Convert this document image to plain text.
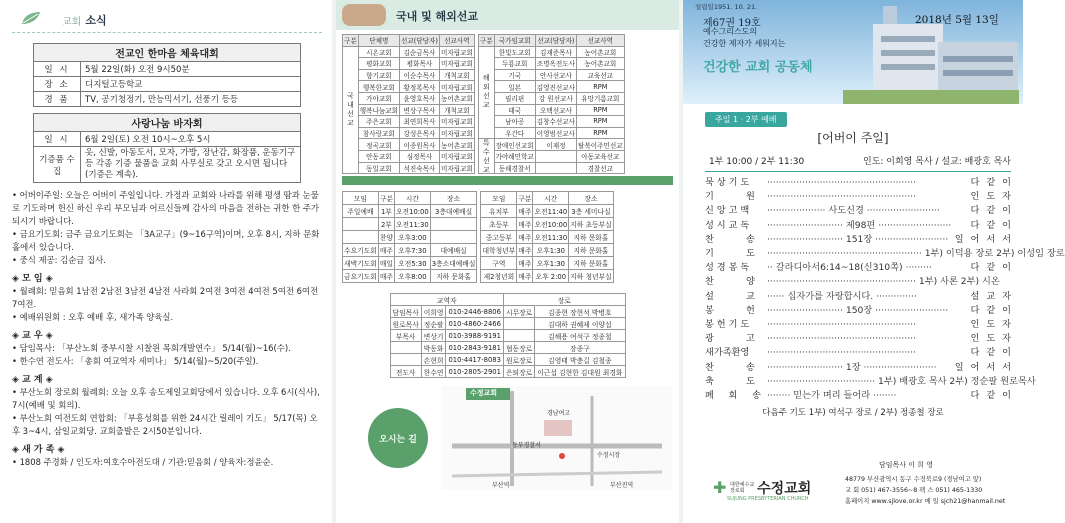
교회 소식
전교인 한마음 체육대회	
일 시	5월 22일(화) 오전 9시50분
장 소	디지털고등학교
경 품	TV, 공기청정기, 만능믹서기, 선풍기 등등
사랑나눔 바자회	
일 시	6월 2일(토) 오전 10시~오후 5시
기증품 수 집	옷, 신발, 아동도서, 모자, 가방, 장난감, 화장품, 운동기구 등 각종 기증 물품을 교회 사무실로 갖고 오시면 됩니다(기증은 계속).

• 어버이주일: 오늘은 어버이 주일입니다. 가정과 교회와 나라를 위해 평생 땀과 눈물로 기도하며 헌신 하신 우리 부모님과 어르신들께 감사의 마음을 전하는 귀한 한 주가 되시기 바랍니다.

• 금요기도회: 금주 금요기도회는 「3A교구」(9~16구역)이며, 오후 8시, 지하 문화홀에서 있습니다.

• 중식 제공: 김순금 집사.

◈ 모 임 ◈

• 월례회: 믿음회 1남전 2남전 3남전 4남전 사라회 2여전 3여전 4여전 5여전 6여전 7여전.

• 예배위원회 : 오후 예배 후, 새가족 양육실.

◈ 교 우 ◈

• 담임목사: 「부산노회 중부시찰 시찰원 목회개발연수」 5/14(월)~16(수).

• 한수연 전도사: 「총회 여교역자 세미나」 5/14(월)~5/20(주일).

◈ 교 계 ◈

• 부산노회 장로회 월례회: 오늘 오후 송도제일교회당에서 있습니다. 오후 6시(식사), 7시(예배 및 회의).

• 부산노회 여전도회 연합회: 「부흥성회를 위한 24시간 릴레이 기도」 5/17(목) 오후 3~4시, 삼일교회당. 교회출발은 2시50분입니다.

◈ 새 가 족 ◈

• 1808 주경화 / 인도자:여호수아전도대 / 기관:믿음회 / 양육자:정윤순.

국내 및 해외선교
구분	단체명	선교(담당자)	선교사역
국내선교	시온교회	김순금목사	미자립교회
	평화교회	평화목사	미자립교회
	향기교회	이순수목사	개척교회
	행복한교회	황정록목사	미자립교회
	가야교회	윤영호목사	농어촌교회
	행복나눔교회	변상구목사	개척교회
	주은교회	최연희목사	미자립교회
	참사랑교회	강성은목사	미자립교회
	정곡교회	이종원목사	농어촌교회
	안동교회	심정목사	미자립교회
	동일교회	석진숙목사	미자립교회
구분	국가임교회	선교(담당자)	선교사역
해외선교	한빛도교회	김재준목사	농어촌교회
	두룡교회	조명옥전도사	농어촌교회
	기국	안사선교사	교육선교
	일본	김영진선교사	RPM
	필리핀	강 원선교사	유망기름교회
	태국	오택선교사	RPM
	남아공	김창수선교사	RPM
	우간다	이영범선교사	RPM
특수선교	장애인선교회	이재정	탈북이주민선교
	가야해민학교		아동교육선교
	동해경찰서		경찰선교
모임	구분	시간	장소
주일예배	1부	오전10:00	3층대예배실
	2부	오전11:30	
	찬양	오후3:00	
수요기도회	매주	오후7:30	대예배실
새벽기도회	매일	오전5:30	3층소대예배실
금요기도회	매주	오후8:00	지하 문화홀
모임	구분	시간	장소
유치부	매주	오전11:40	3층 세미나실
초등부	매주	오전10:00	지하 초등부실
중고등부	매주	오전11:30	지하 문화홀
대학청년부	매주	오후1:30	지하 문화홀
구역	매주	오후1:30	지하 문화홀
제2청년회	매주	오후 2:00	지하 청년부실
교역자			장로	
담임목사	이희영	010-2446-8806	시무장로	김종현 장현석 박병호
원로목사	정순팔	010-4860-2466		김대하 권혜제 이양섭
부목사	변상기	010-3988-9191		김해용 여석구 정종철
	박동화	010-2843-9181	협동장로	장종구
	손현희	010-4417-8083	원로장로	김영태 박충길 김철종
전도사	한수연	010-2805-2901	은퇴장로	이근섭 김현한 김대원 최경화
오시는 길
수정교회
경남여고
동부경찰서
수정시장
부산역	부산진역
설립일1951. 10. 21.
제67권 19호	2018년 5월 13일
예수그리스도의
건강한 제자가 세워지는
건강한 교회 공동체
주일 1 · 2부 예배
[어버이 주일]
1부 10:00 / 2부 11:30	인도: 이희영 목사 / 설교: 배광호 목사
묵 상 기 도	···················································	다 같 이
기           원	···················································	인 도 자
신 앙 고 백	···················· 사도신경 ·························	다 같 이
성 시 교 독	·························· 제98편 ·························	다 같 이
찬           송	·························· 151장 ························· 일 어 서 서
기           도	····················································· 1부) 이덕용 장로 2부) 이성임 장로
성 경 봉 독	·· 갈라디아서6:14~18(신310쪽) ·········	다 같 이
찬           양	··················································· 1부) 사론 2부) 시온
설           교	······ 십자가를 자랑합시다. ··············	설 교 자
봉           헌	·························· 150장 ·························	다 같 이
봉 헌 기 도	···················································	인 도 자
광           고	···················································	인 도 자
새가족환영	···················································	다 같 이
찬           송	·························· 1장 ·························	일 어 서 서
축           도	····································· 1부) 배광호 목사 2부) 정순팔 원로목사
폐     회     송 ········ 믿는가 며리 들어라 ········	다 같 이
다음주 기도 1부) 여석구 장로 / 2부) 정종철 장로
담임목사 이 희 영
✚ 대한예수교
장로회 수정교회
SUJUNG PRESBYTERIAN CHURCH
48779 부산광역시 동구 수정북로9 (경남여고 앞)
교 회 051) 467-3556~8 팩 스 051) 465-1330
홈페이지 www.sjlove.or.kr 메 일 sjch21@hanmail.net
